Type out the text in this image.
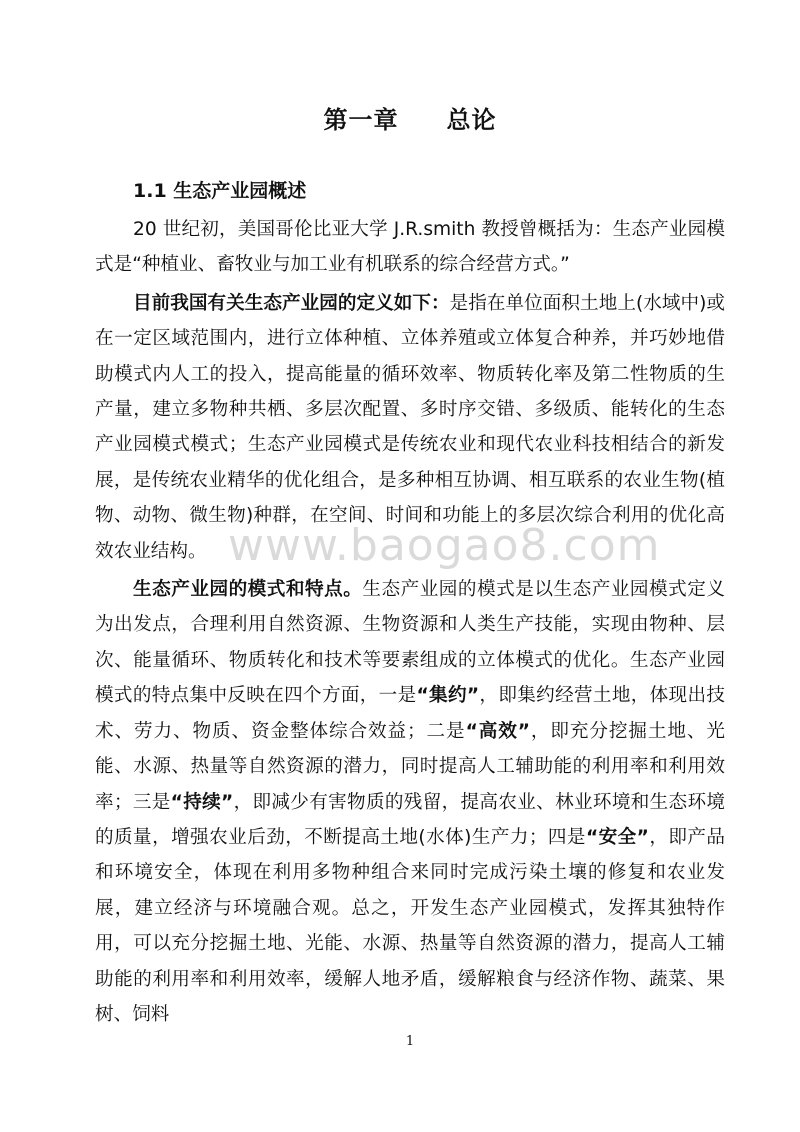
第一章 总论
1.1 生态产业园概述

20 世纪初，美国哥伦比亚大学 J.R.smith 教授曾概括为：生态产业园模式是“种植业、畜牧业与加工业有机联系的综合经营方式。”

目前我国有关生态产业园的定义如下：是指在单位面积土地上(水域中)或在一定区域范围内，进行立体种植、立体养殖或立体复合种养，并巧妙地借助模式内人工的投入，提高能量的循环效率、物质转化率及第二性物质的生产量，建立多物种共栖、多层次配置、多时序交错、多级质、能转化的生态产业园模式模式；生态产业园模式是传统农业和现代农业科技相结合的新发展，是传统农业精华的优化组合，是多种相互协调、相互联系的农业生物(植物、动物、微生物)种群，在空间、时间和功能上的多层次综合利用的优化高效农业结构。

生态产业园的模式和特点。生态产业园的模式是以生态产业园模式定义为出发点，合理利用自然资源、生物资源和人类生产技能，实现由物种、层次、能量循环、物质转化和技术等要素组成的立体模式的优化。生态产业园模式的特点集中反映在四个方面，一是“集约”，即集约经营土地，体现出技术、劳力、物质、资金整体综合效益；二是“高效”，即充分挖掘土地、光能、水源、热量等自然资源的潜力，同时提高人工辅助能的利用率和利用效率；三是“持续”，即减少有害物质的残留，提高农业、林业环境和生态环境的质量，增强农业后劲，不断提高土地(水体)生产力；四是“安全”，即产品和环境安全，体现在利用多物种组合来同时完成污染土壤的修复和农业发展，建立经济与环境融合观。总之，开发生态产业园模式，发挥其独特作用，可以充分挖掘土地、光能、水源、热量等自然资源的潜力，提高人工辅助能的利用率和利用效率，缓解人地矛盾，缓解粮食与经济作物、蔬菜、果树、饲料

www.baogao8.com
1
